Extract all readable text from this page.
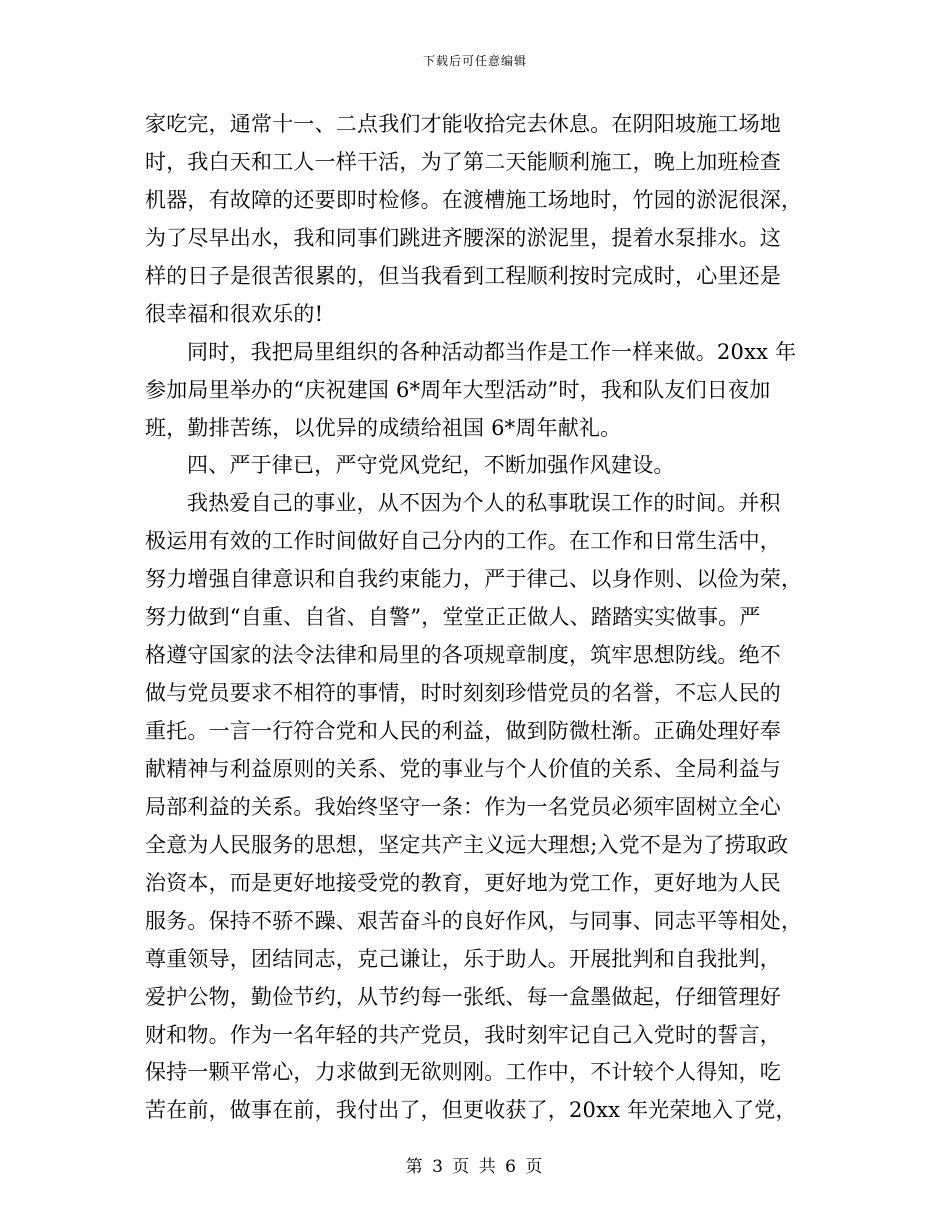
下载后可任意编辑
家吃完，通常十一、二点我们才能收拾完去休息。在阴阳坡施工场地
时，我白天和工人一样干活，为了第二天能顺利施工，晚上加班检查
机器，有故障的还要即时检修。在渡槽施工场地时，竹园的淤泥很深，
为了尽早出水，我和同事们跳进齐腰深的淤泥里，提着水泵排水。这
样的日子是很苦很累的，但当我看到工程顺利按时完成时，心里还是
很幸福和很欢乐的!
同时，我把局里组织的各种活动都当作是工作一样来做。20xx 年
参加局里举办的“庆祝建国 6*周年大型活动”时，我和队友们日夜加
班，勤排苦练，以优异的成绩给祖国 6*周年献礼。
四、严于律已，严守党风党纪，不断加强作风建设。
我热爱自己的事业，从不因为个人的私事耽误工作的时间。并积
极运用有效的工作时间做好自己分内的工作。在工作和日常生活中，
努力增强自律意识和自我约束能力，严于律己、以身作则、以俭为荣，
努力做到“自重、自省、自警”，堂堂正正做人、踏踏实实做事。严
格遵守国家的法令法律和局里的各项规章制度，筑牢思想防线。绝不
做与党员要求不相符的事情，时时刻刻珍惜党员的名誉，不忘人民的
重托。一言一行符合党和人民的利益，做到防微杜渐。正确处理好奉
献精神与利益原则的关系、党的事业与个人价值的关系、全局利益与
局部利益的关系。我始终坚守一条：作为一名党员必须牢固树立全心
全意为人民服务的思想，坚定共产主义远大理想;入党不是为了捞取政
治资本，而是更好地接受党的教育，更好地为党工作，更好地为人民
服务。保持不骄不躁、艰苦奋斗的良好作风，与同事、同志平等相处，
尊重领导，团结同志，克己谦让，乐于助人。开展批判和自我批判，
爱护公物，勤俭节约，从节约每一张纸、每一盒墨做起，仔细管理好
财和物。作为一名年轻的共产党员，我时刻牢记自己入党时的誓言，
保持一颗平常心，力求做到无欲则刚。工作中，不计较个人得知，吃
苦在前，做事在前，我付出了，但更收获了，20xx 年光荣地入了党，
第 3 页 共 6 页
